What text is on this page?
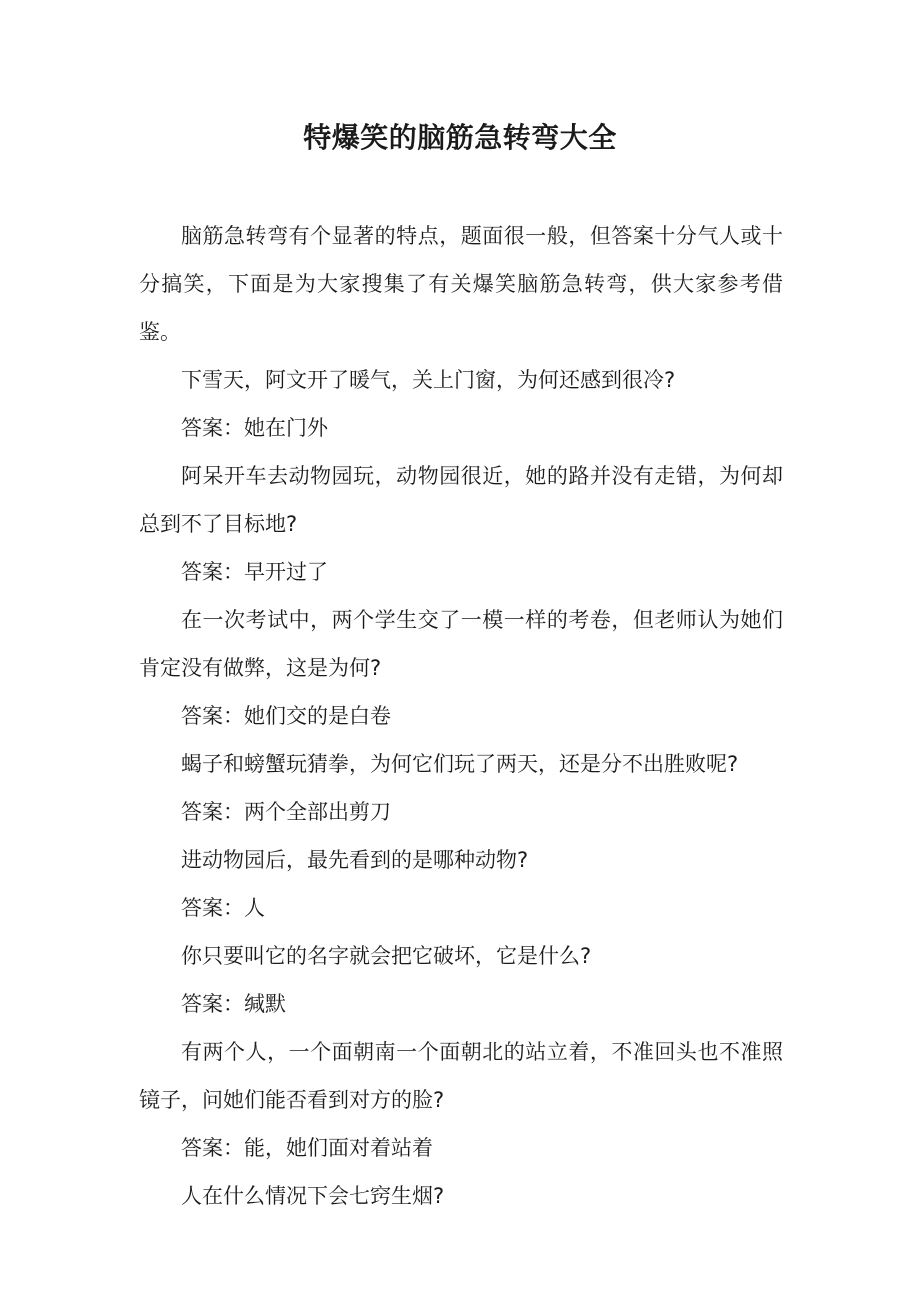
特爆笑的脑筋急转弯大全

脑筋急转弯有个显著的特点，题面很一般，但答案十分气人或十分搞笑，下面是为大家搜集了有关爆笑脑筋急转弯，供大家参考借鉴。

下雪天，阿文开了暖气，关上门窗，为何还感到很冷?

答案：她在门外

阿呆开车去动物园玩，动物园很近，她的路并没有走错，为何却总到不了目标地?

答案：早开过了

在一次考试中，两个学生交了一模一样的考卷，但老师认为她们肯定没有做弊，这是为何?

答案：她们交的是白卷

蝎子和螃蟹玩猜拳，为何它们玩了两天，还是分不出胜败呢?

答案：两个全部出剪刀

进动物园后，最先看到的是哪种动物?

答案：人

你只要叫它的名字就会把它破坏，它是什么?

答案：缄默

有两个人，一个面朝南一个面朝北的站立着，不准回头也不准照镜子，问她们能否看到对方的脸?

答案：能，她们面对着站着

人在什么情况下会七窍生烟?
